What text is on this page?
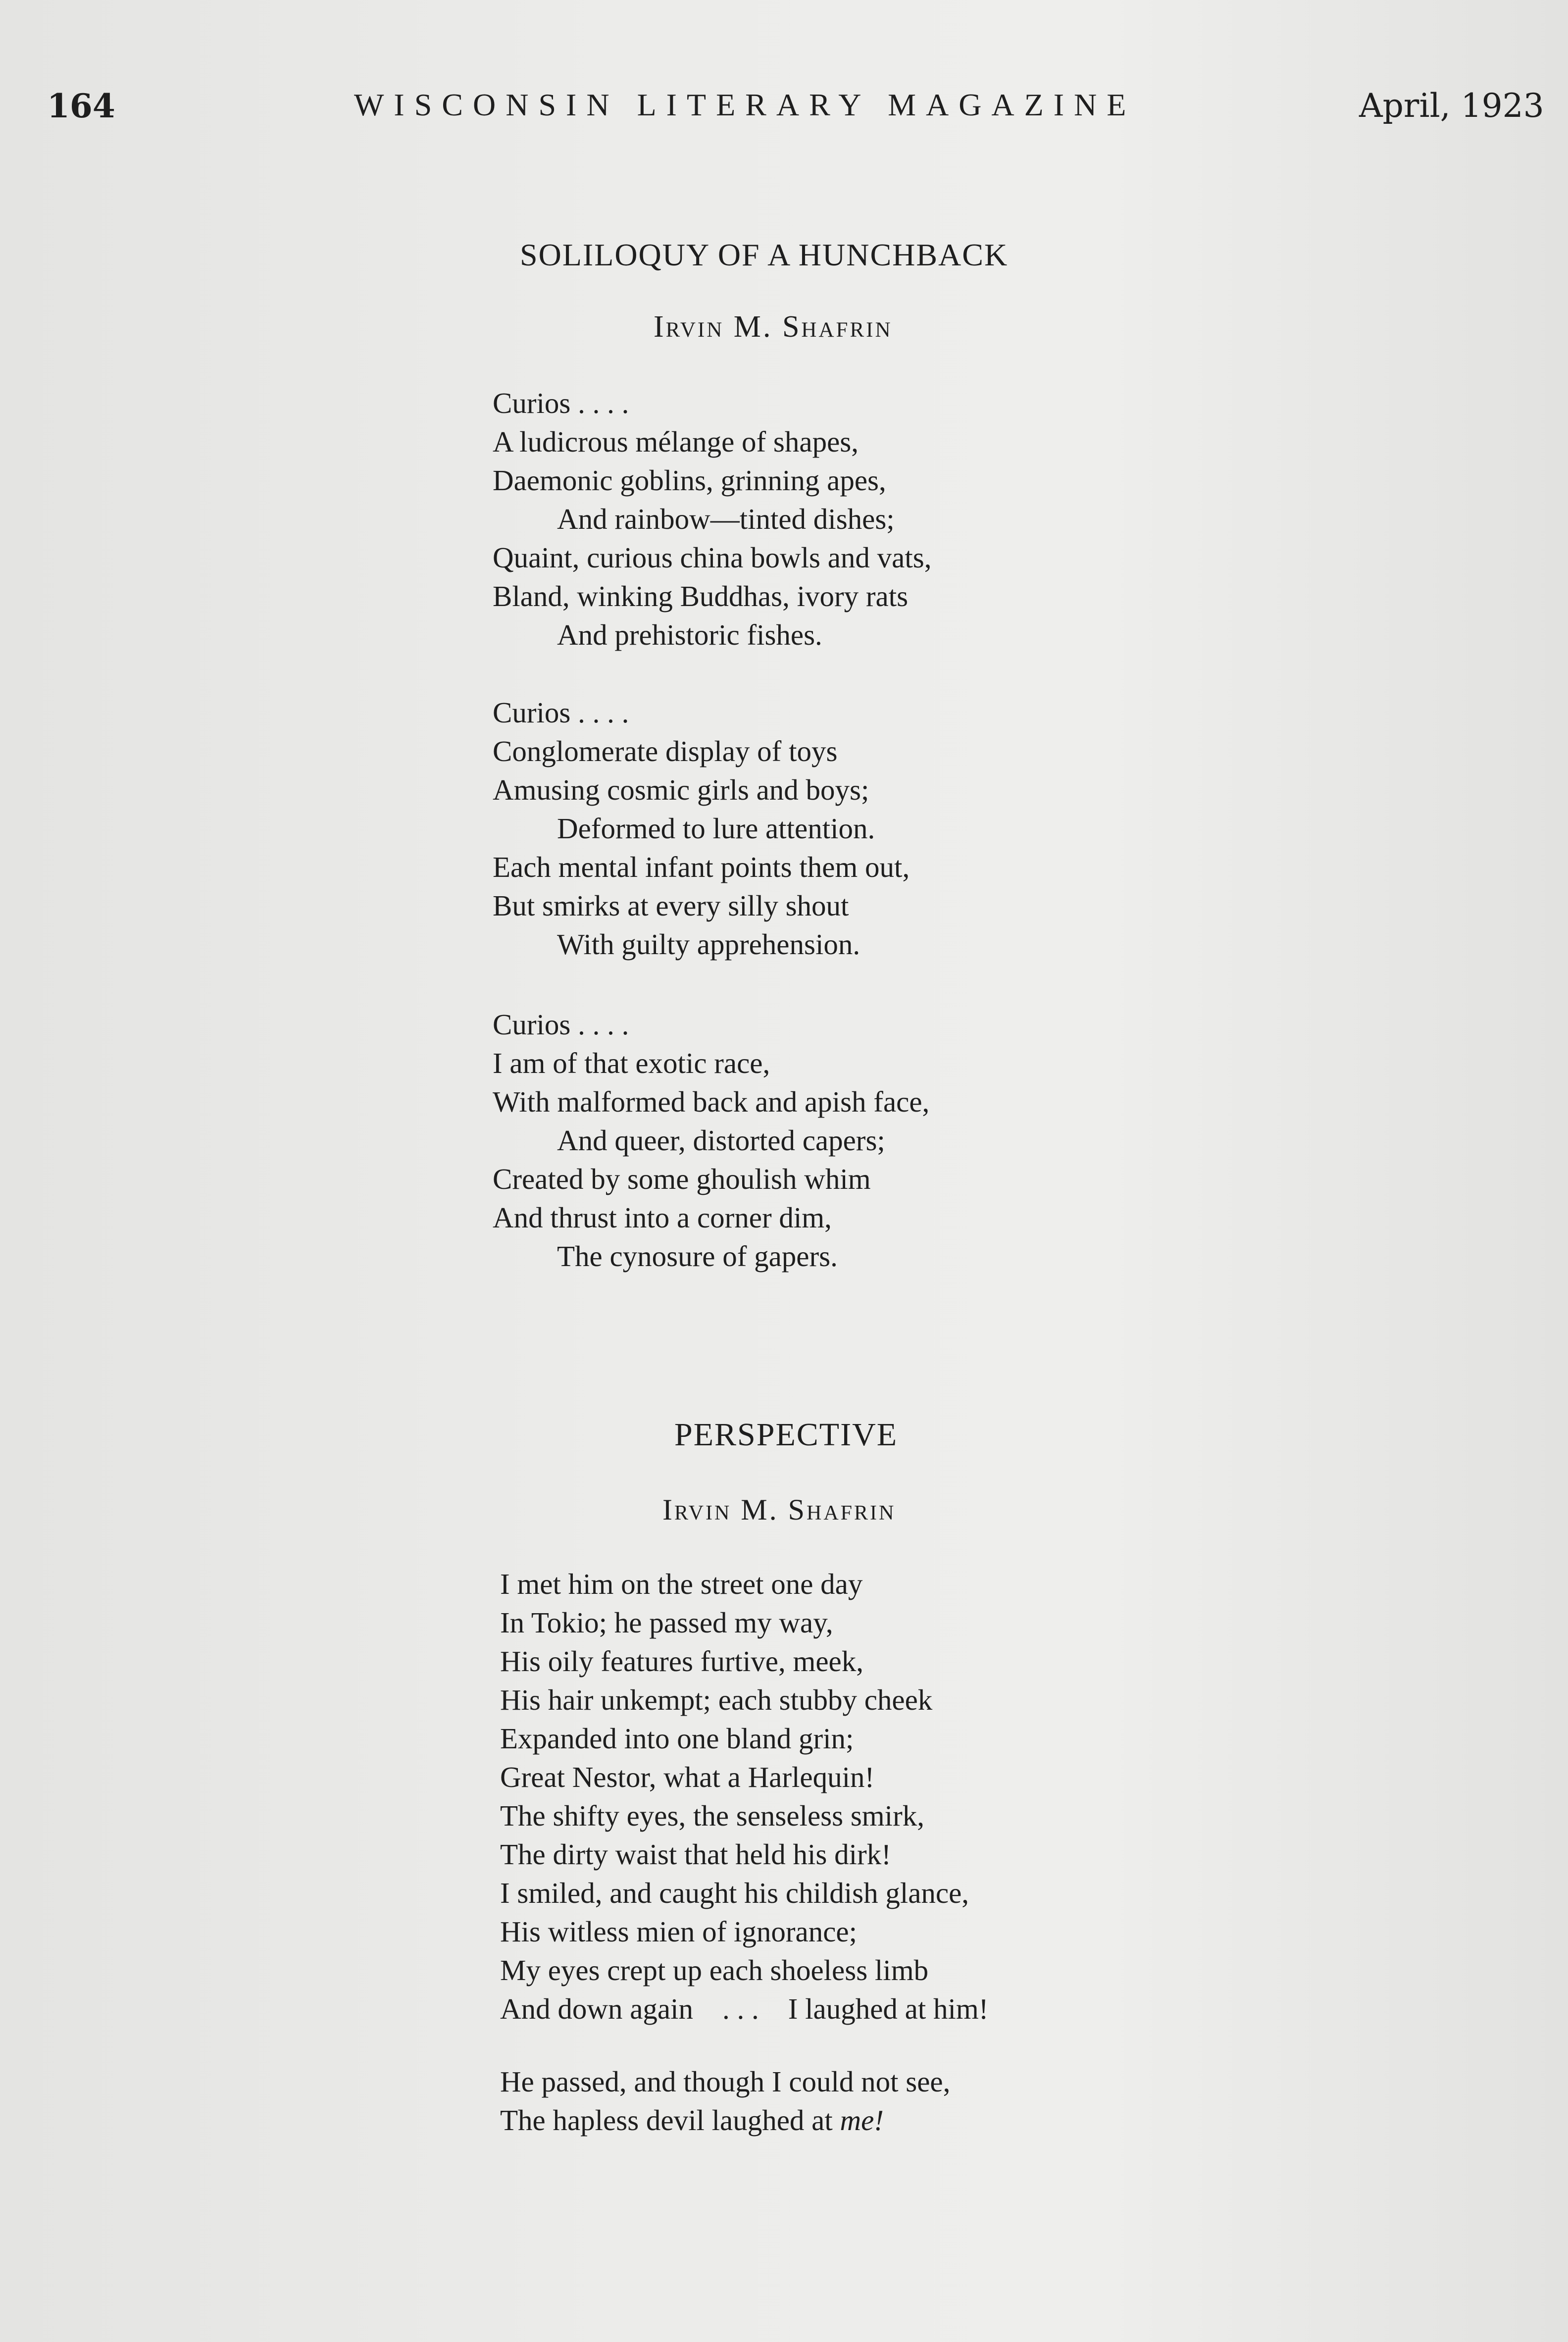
164	WISCONSIN LITERARY MAGAZINE	April, 1923
SOLILOQUY OF A HUNCHBACK
Irvin M. Shafrin
Curios . . . .
A ludicrous mélange of shapes,
Daemonic goblins, grinning apes,
And rainbow—tinted dishes;
Quaint, curious china bowls and vats,
Bland, winking Buddhas, ivory rats
And prehistoric fishes.
Curios . . . .
Conglomerate display of toys
Amusing cosmic girls and boys;
Deformed to lure attention.
Each mental infant points them out,
But smirks at every silly shout
With guilty apprehension.
Curios . . . .
I am of that exotic race,
With malformed back and apish face,
And queer, distorted capers;
Created by some ghoulish whim
And thrust into a corner dim,
The cynosure of gapers.
PERSPECTIVE
Irvin M. Shafrin
I met him on the street one day
In Tokio; he passed my way,
His oily features furtive, meek,
His hair unkempt; each stubby cheek
Expanded into one bland grin;
Great Nestor, what a Harlequin!
The shifty eyes, the senseless smirk,
The dirty waist that held his dirk!
I smiled, and caught his childish glance,
His witless mien of ignorance;
My eyes crept up each shoeless limb
And down again    . . .    I laughed at him!
He passed, and though I could not see,
The hapless devil laughed at me!
